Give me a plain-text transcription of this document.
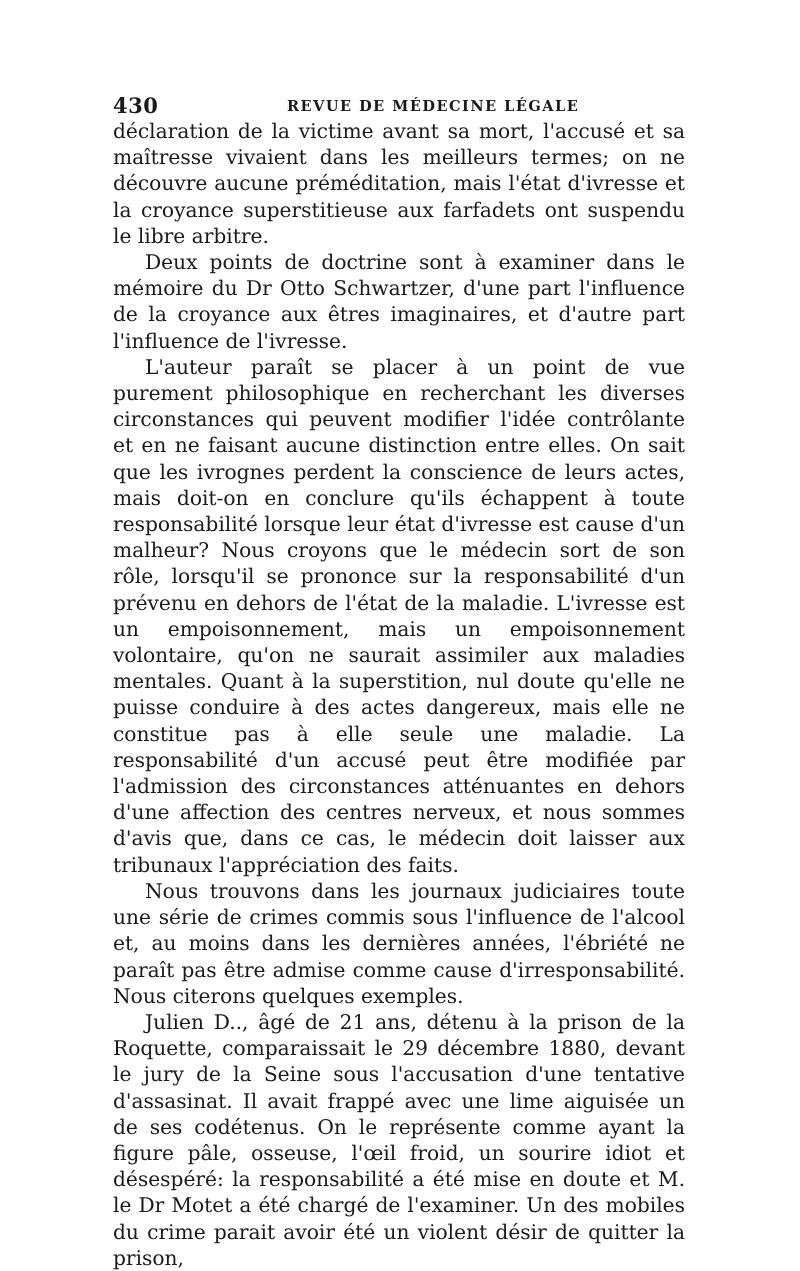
430	REVUE DE MÉDECINE LÉGALE

déclaration de la victime avant sa mort, l'accusé et sa maîtresse vivaient dans les meilleurs termes; on ne découvre aucune préméditation, mais l'état d'ivresse et la croyance superstitieuse aux farfadets ont suspendu le libre arbitre.

Deux points de doctrine sont à examiner dans le mémoire du Dr Otto Schwartzer, d'une part l'influence de la croyance aux êtres imaginaires, et d'autre part l'influence de l'ivresse.

L'auteur paraît se placer à un point de vue purement philosophique en recherchant les diverses circonstances qui peuvent modifier l'idée contrôlante et en ne faisant aucune distinction entre elles. On sait que les ivrognes perdent la conscience de leurs actes, mais doit-on en conclure qu'ils échappent à toute responsabilité lorsque leur état d'ivresse est cause d'un malheur? Nous croyons que le médecin sort de son rôle, lorsqu'il se prononce sur la responsabilité d'un prévenu en dehors de l'état de la maladie. L'ivresse est un empoisonnement, mais un empoisonnement volontaire, qu'on ne saurait assimiler aux maladies mentales. Quant à la superstition, nul doute qu'elle ne puisse conduire à des actes dangereux, mais elle ne constitue pas à elle seule une maladie. La responsabilité d'un accusé peut être modifiée par l'admission des circonstances atténuantes en dehors d'une affection des centres nerveux, et nous sommes d'avis que, dans ce cas, le médecin doit laisser aux tribunaux l'appréciation des faits.

Nous trouvons dans les journaux judiciaires toute une série de crimes commis sous l'influence de l'alcool et, au moins dans les dernières années, l'ébriété ne paraît pas être admise comme cause d'irresponsabilité. Nous citerons quelques exemples.

Julien D.., âgé de 21 ans, détenu à la prison de la Roquette, comparaissait le 29 décembre 1880, devant le jury de la Seine sous l'accusation d'une tentative d'assasinat. Il avait frappé avec une lime aiguisée un de ses codétenus. On le représente comme ayant la figure pâle, osseuse, l'œil froid, un sourire idiot et désespéré: la responsabilité a été mise en doute et M. le Dr Motet a été chargé de l'examiner. Un des mobiles du crime parait avoir été un violent désir de quitter la prison,
